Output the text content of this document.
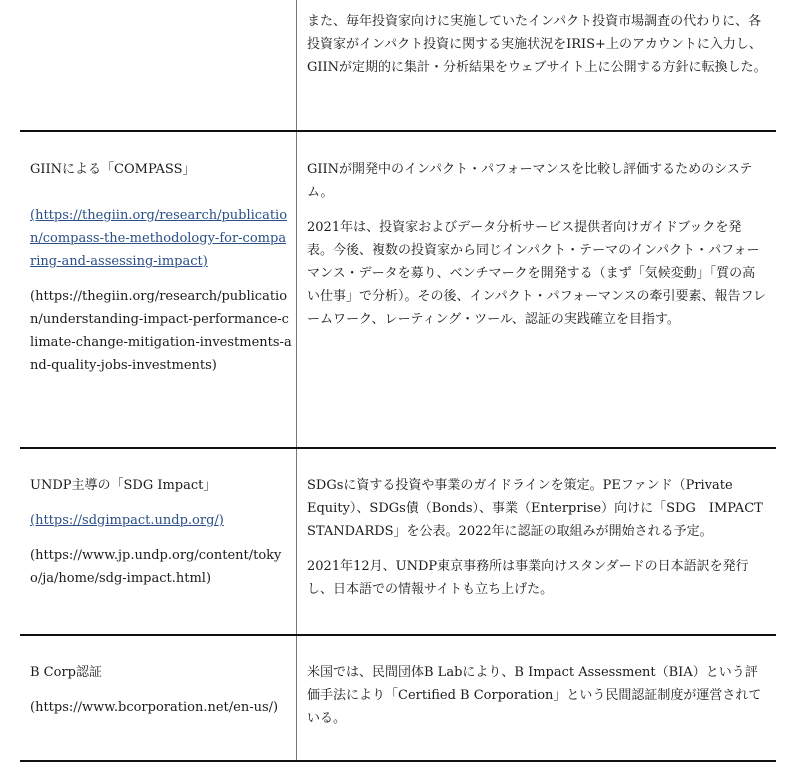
また、毎年投資家向けに実施していたインパクト投資市場調査の代わりに、各投資家がインパクト投資に関する実施状況をIRIS+上のアカウントに入力し、GIINが定期的に集計・分析結果をウェブサイト上に公開する方針に転換した。

GIINによる「COMPASS」
(https://thegiin.org/research/publication/compass-the-methodology-for-comparing-and-assessing-impact)
(https://thegiin.org/research/publication/understanding-impact-performance-climate-change-mitigation-investments-and-quality-jobs-investments)

GIINが開発中のインパクト・パフォーマンスを比較し評価するためのシステム。

2021年は、投資家およびデータ分析サービス提供者向けガイドブックを発表。今後、複数の投資家から同じインパクト・テーマのインパクト・パフォーマンス・データを募り、ベンチマークを開発する（まず「気候変動」「質の高い仕事」で分析）。その後、インパクト・パフォーマンスの牽引要素、報告フレームワーク、レーティング・ツール、認証の実践確立を目指す。

UNDP主導の「SDG Impact」
(https://sdgimpact.undp.org/)
(https://www.jp.undp.org/content/tokyo/ja/home/sdg-impact.html)

SDGsに資する投資や事業のガイドラインを策定。PEファンド（Private Equity）、SDGs債（Bonds）、事業（Enterprise）向けに「SDG　IMPACT STANDARDS」を公表。2022年に認証の取組みが開始される予定。

2021年12月、UNDP東京事務所は事業向けスタンダードの日本語訳を発行し、日本語での情報サイトも立ち上げた。

B Corp認証
(https://www.bcorporation.net/en-us/)

米国では、民間団体B Labにより、B Impact Assessment（BIA）という評価手法により「Certified B Corporation」という民間認証制度が運営されている。
